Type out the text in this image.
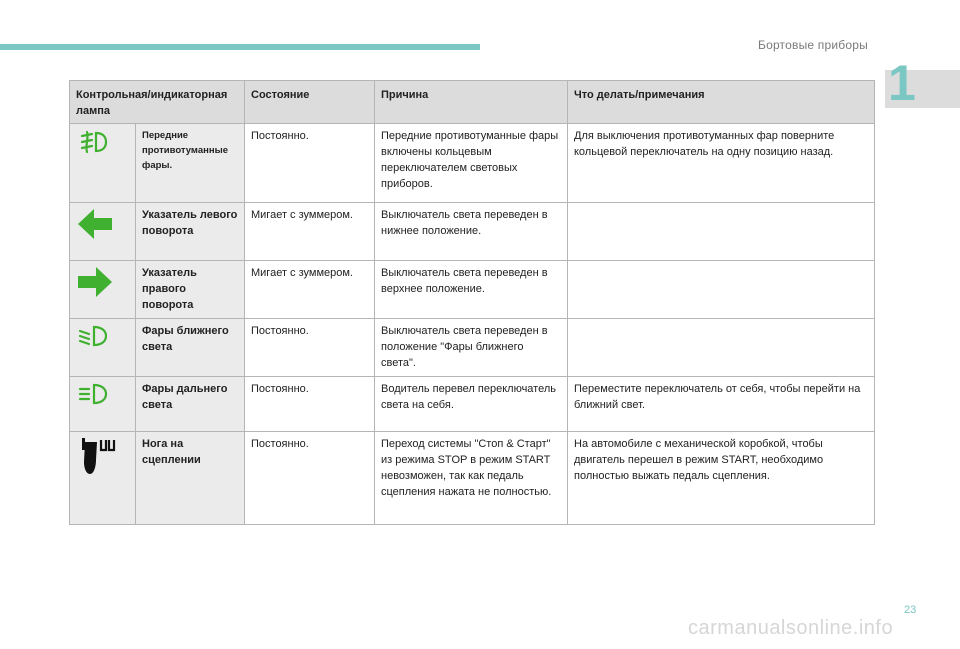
Бортовые приборы
1
Контрольная/индикаторная лампа		Состояние	Причина	Что делать/примечания
	Передние противотуманные фары.	Постоянно.	Передние противотуманные фары включены кольцевым переключателем световых приборов.	Для выключения противотуманных фар поверните кольцевой переключатель на одну позицию назад.
	Указатель левого поворота	Мигает с зуммером.	Выключатель света переведен в нижнее положение.	
	Указатель правого поворота	Мигает с зуммером.	Выключатель света переведен в верхнее положение.	
	Фары ближнего света	Постоянно.	Выключатель света переведен в положение "Фары ближнего света".	
	Фары дальнего света	Постоянно.	Водитель перевел переключатель света на себя.	Переместите переключатель от себя, чтобы перейти на ближний свет.
	Нога на сцеплении	Постоянно.	Переход системы "Стоп & Старт" из режима STOP в режим START невозможен, так как педаль сцепления нажата не полностью.	На автомобиле с механической коробкой, чтобы двигатель перешел в режим START, необходимо полностью выжать педаль сцепления.
23
carmanualsonline.info
